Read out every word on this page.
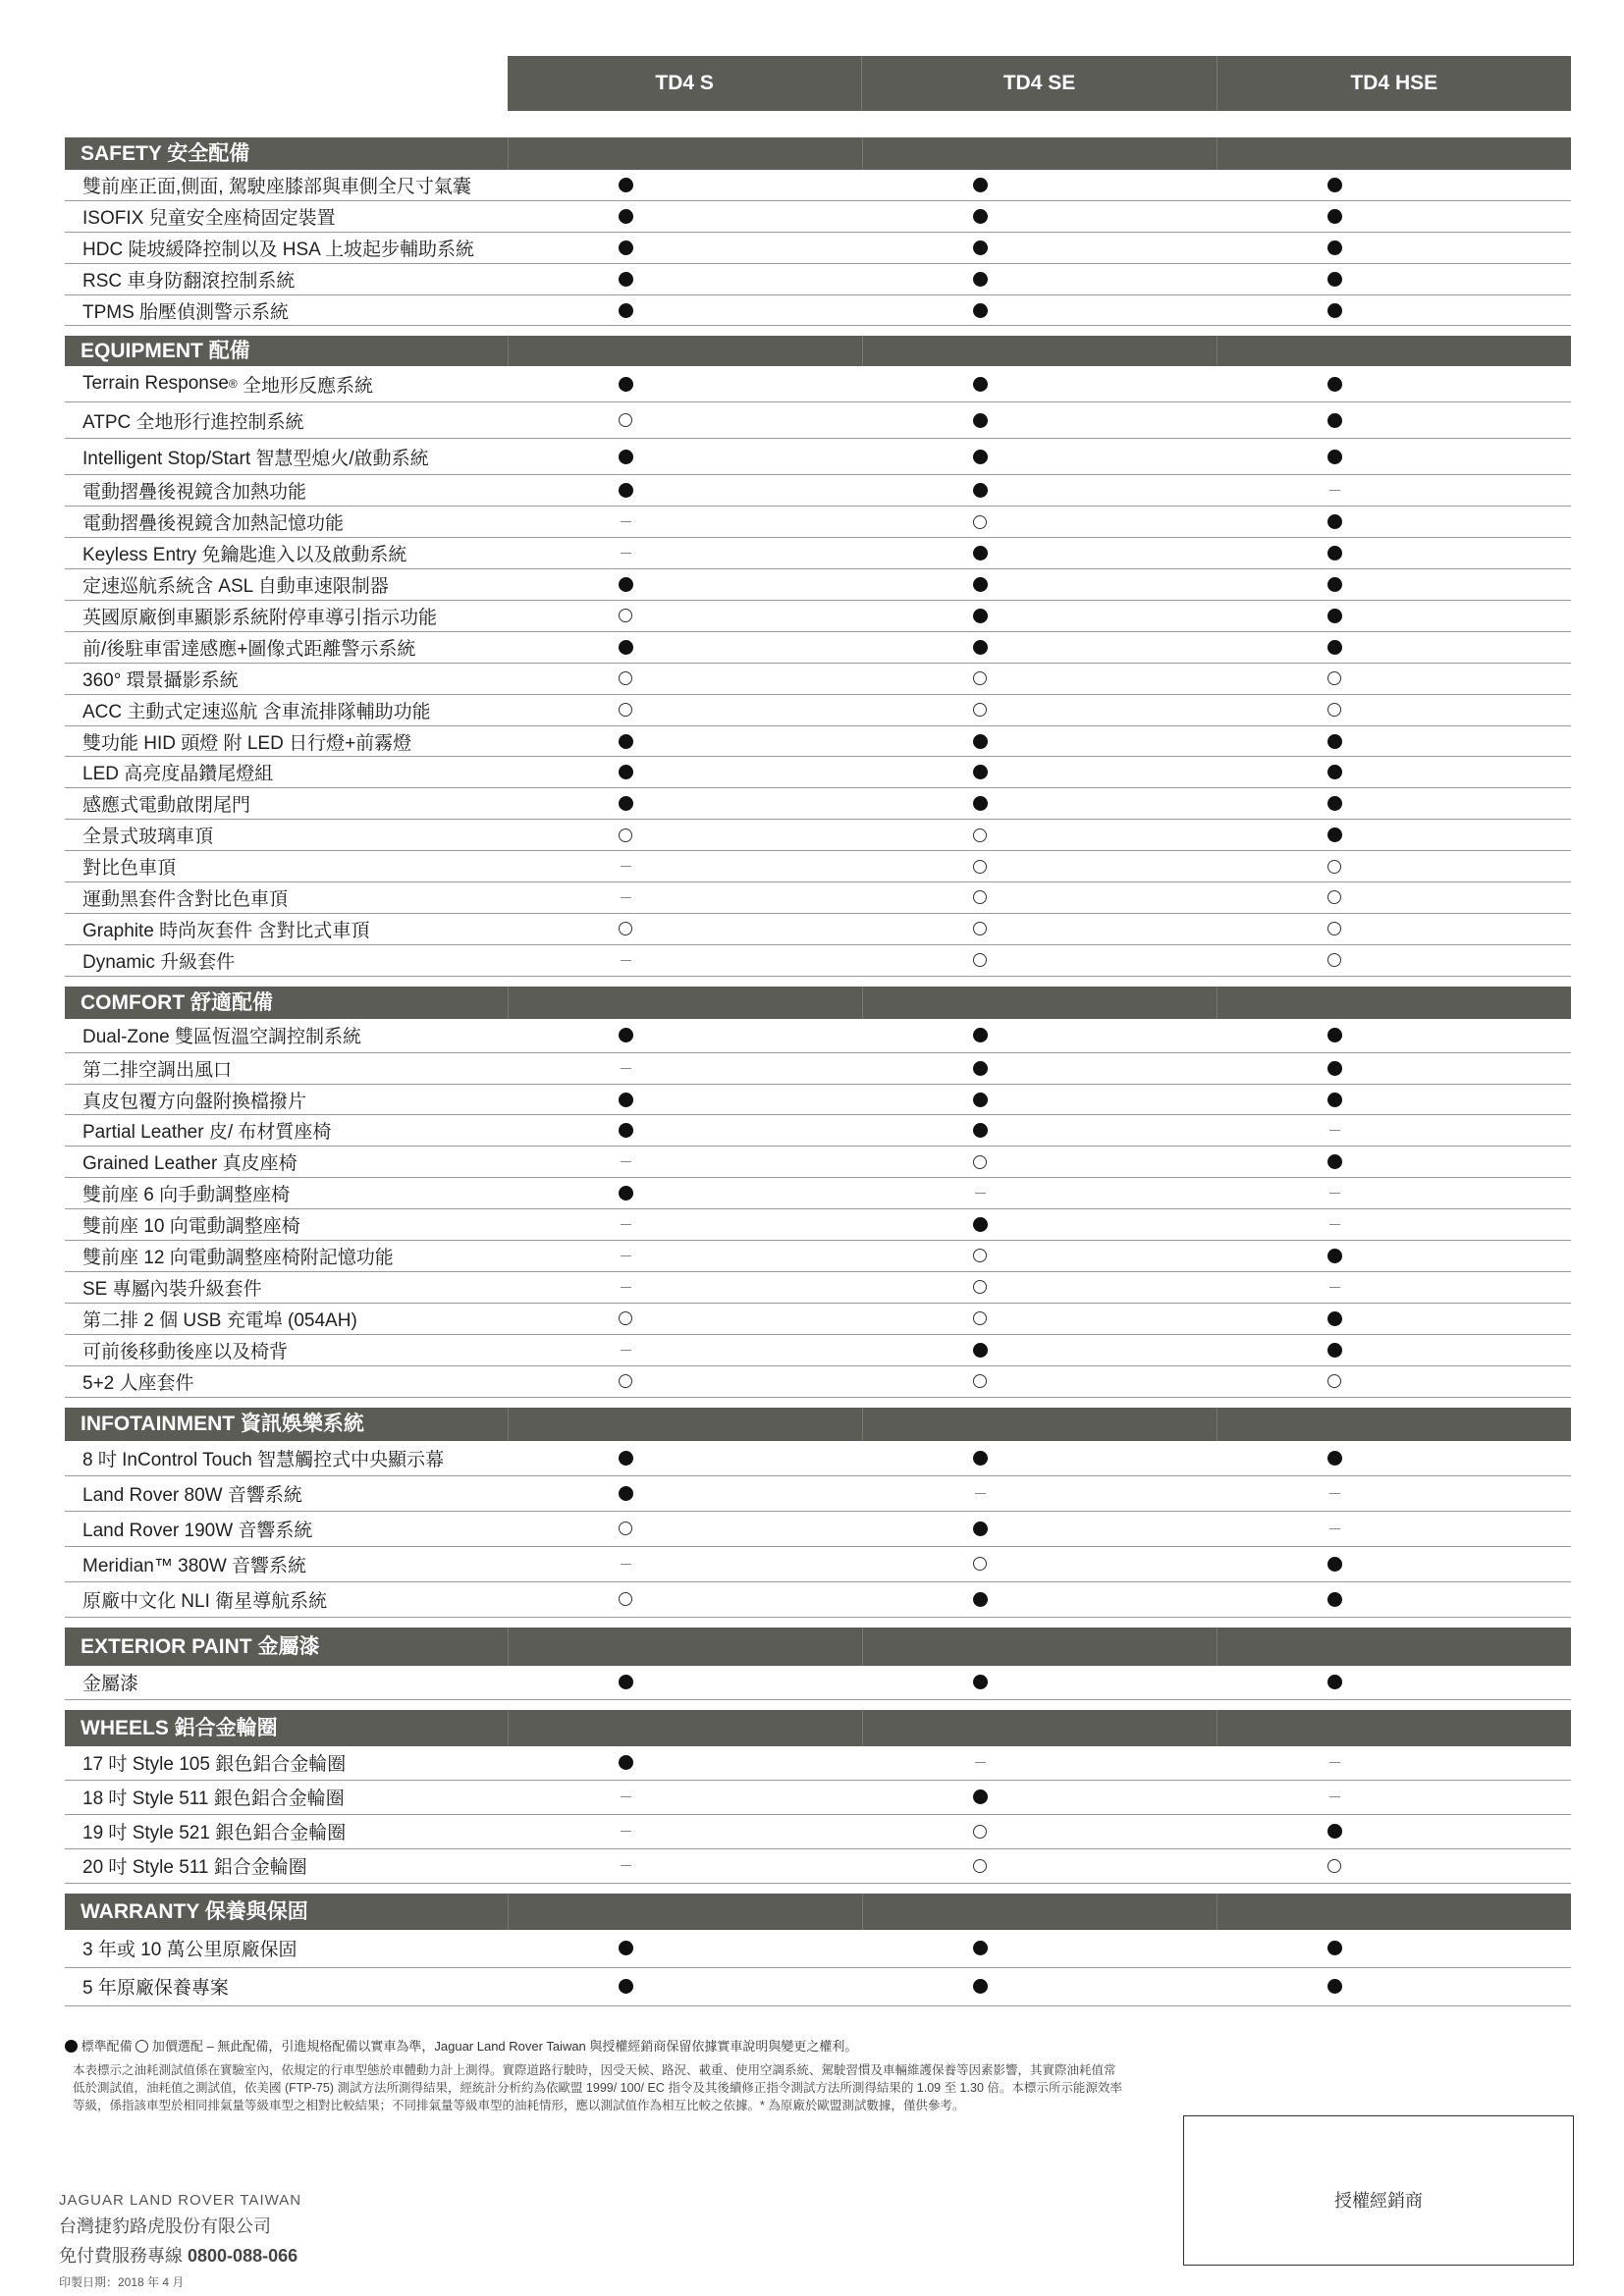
TD4 S	TD4 SE	TD4 HSE
SAFETY 安全配備
雙前座正面,側面, 駕駛座膝部與車側全尺寸氣囊
ISOFIX 兒童安全座椅固定裝置
HDC 陡坡緩降控制以及 HSA 上坡起步輔助系統
RSC 車身防翻滾控制系統
TPMS 胎壓偵測警示系統
EQUIPMENT 配備
Terrain Response ® 全地形反應系統
ATPC 全地形行進控制系統
Intelligent Stop/Start 智慧型熄火/啟動系統
電動摺疊後視鏡含加熱功能
電動摺疊後視鏡含加熱記憶功能
Keyless Entry 免鑰匙進入以及啟動系統
定速巡航系統含 ASL 自動車速限制器
英國原廠倒車顯影系統附停車導引指示功能
前/後駐車雷達感應+圖像式距離警示系統
360° 環景攝影系統
ACC 主動式定速巡航 含車流排隊輔助功能
雙功能 HID 頭燈 附 LED 日行燈+前霧燈
LED 高亮度晶鑽尾燈組
感應式電動啟閉尾門
全景式玻璃車頂
對比色車頂
運動黑套件含對比色車頂
Graphite 時尚灰套件 含對比式車頂
Dynamic 升級套件
COMFORT 舒適配備
Dual-Zone 雙區恆溫空調控制系統
第二排空調出風口
真皮包覆方向盤附換檔撥片
Partial Leather 皮/ 布材質座椅
Grained Leather 真皮座椅
雙前座 6 向手動調整座椅
雙前座 10 向電動調整座椅
雙前座 12 向電動調整座椅附記憶功能
SE 專屬內裝升級套件
第二排 2 個 USB 充電埠 (054AH)
可前後移動後座以及椅背
5+2 人座套件
INFOTAINMENT 資訊娛樂系統
8 吋 InControl Touch 智慧觸控式中央顯示幕
Land Rover 80W 音響系統
Land Rover 190W 音響系統
Meridian™ 380W 音響系統
原廠中文化 NLI 衛星導航系統
EXTERIOR PAINT 金屬漆
金屬漆
WHEELS 鋁合金輪圈
17 吋 Style 105 銀色鋁合金輪圈
18 吋 Style 511 銀色鋁合金輪圈
19 吋 Style 521 銀色鋁合金輪圈
20 吋 Style 511 鋁合金輪圈
WARRANTY 保養與保固
3 年或 10 萬公里原廠保固
5 年原廠保養專案
標準配備 加價選配 – 無此配備，引進規格配備以實車為準，Jaguar Land Rover Taiwan 與授權經銷商保留依據實車說明與變更之權利。
本表標示之油耗測試值係在實驗室內，依規定的行車型態於車體動力計上測得。實際道路行駛時，因受天候、路況、載重、使用空調系統、駕駛習慣及車輛維護保養等因素影響，其實際油耗值常低於測試值，油耗值之測試值，依美國 (FTP-75) 測試方法所測得結果，經統計分析約為依歐盟 1999/ 100/ EC 指令及其後續修正指令測試方法所測得結果的 1.09 至 1.30 倍。本標示所示能源效率等級，係指該車型於相同排氣量等級車型之相對比較結果；不同排氣量等級車型的油耗情形，應以測試值作為相互比較之依據。* 為原廠於歐盟測試數據，僅供參考。
JAGUAR LAND ROVER TAIWAN
台灣捷豹路虎股份有限公司
免付費服務專線 0800-088-066
印製日期：2018 年 4 月
授權經銷商
